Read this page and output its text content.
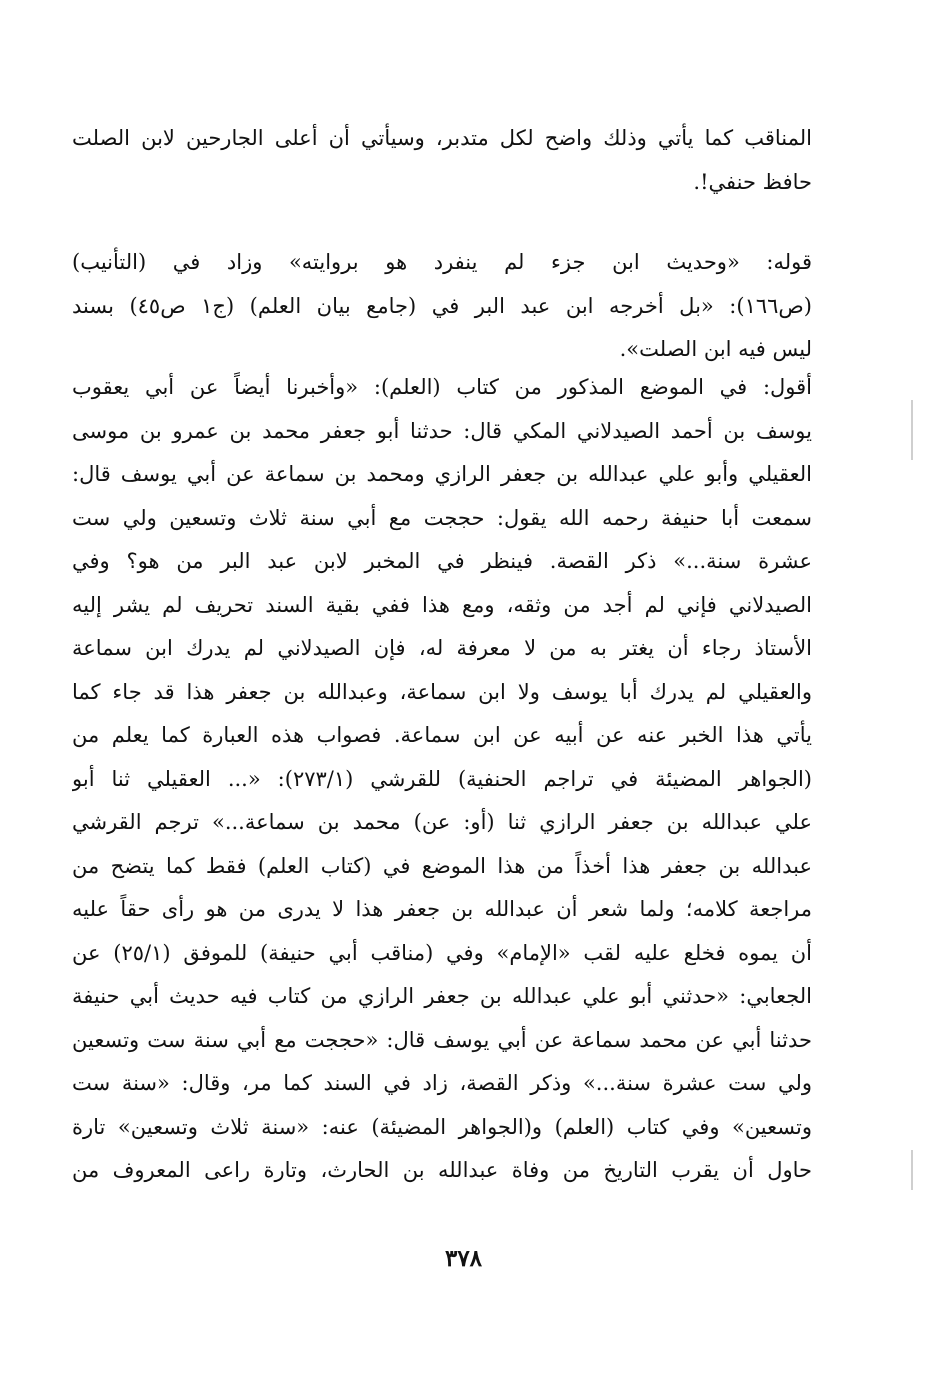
المناقب كما يأتي وذلك واضح لكل متدبر، وسيأتي أن أعلى الجارحين لابن الصلت
حافظ حنفي!.
قوله: «وحديث ابن جزء لم ينفرد هو بروايته» وزاد في (التأنيب)
(ص١٦٦): «بل أخرجه ابن عبد البر في (جامع بيان العلم) (ج١ ص٤٥) بسند
ليس فيه ابن الصلت».
أقول: في الموضع المذكور من كتاب (العلم): «وأخبرنا أيضاً عن أبي يعقوب
يوسف بن أحمد الصيدلاني المكي قال: حدثنا أبو جعفر محمد بن عمرو بن موسى
العقيلي وأبو علي عبدالله بن جعفر الرازي ومحمد بن سماعة عن أبي يوسف قال:
سمعت أبا حنيفة رحمه الله يقول: حججت مع أبي سنة ثلاث وتسعين ولي ست
عشرة سنة...» ذكر القصة. فينظر في المخبر لابن عبد البر من هو؟ وفي
الصيدلاني فإني لم أجد من وثقه، ومع هذا ففي بقية السند تحريف لم يشر إليه
الأستاذ رجاء أن يغتر به من لا معرفة له، فإن الصيدلاني لم يدرك ابن سماعة
والعقيلي لم يدرك أبا يوسف ولا ابن سماعة، وعبدالله بن جعفر هذا قد جاء كما
يأتي هذا الخبر عنه عن أبيه عن ابن سماعة. فصواب هذه العبارة كما يعلم من
(الجواهر المضيئة في تراجم الحنفية) للقرشي (٢٧٣/١): «... العقيلي ثنا أبو
علي عبدالله بن جعفر الرازي ثنا (أو: عن) محمد بن سماعة...» ترجم القرشي
عبدالله بن جعفر هذا أخذاً من هذا الموضع في (كتاب العلم) فقط كما يتضح من
مراجعة كلامه؛ ولما شعر أن عبدالله بن جعفر هذا لا يدرى من هو رأى حقاً عليه
أن يموه فخلع عليه لقب «الإمام» وفي (مناقب أبي حنيفة) للموفق (٢٥/١) عن
الجعابي: «حدثني أبو علي عبدالله بن جعفر الرازي من كتاب فيه حديث أبي حنيفة
حدثنا أبي عن محمد سماعة عن أبي يوسف قال: «حججت مع أبي سنة ست وتسعين
ولي ست عشرة سنة...» وذكر القصة، زاد في السند كما مر، وقال: «سنة ست
وتسعين» وفي كتاب (العلم) و(الجواهر المضيئة) عنه: «سنة ثلاث وتسعين» تارة
حاول أن يقرب التاريخ من وفاة عبدالله بن الحارث، وتارة راعى المعروف من
٣٧٨
